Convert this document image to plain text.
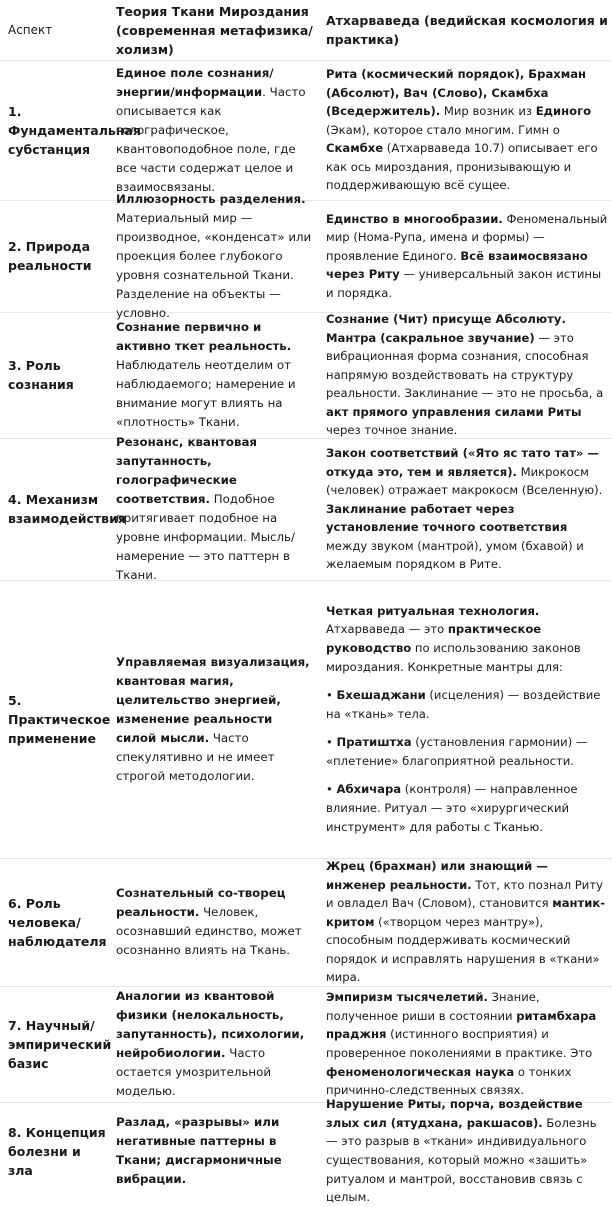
Аспект
Теория Ткани Мироздания (современная метафизика/холизм)
Атхарваведа (ведийская космология и практика)
1. Фундаментальная субстанция
Единое поле сознания/энергии/информации. Часто описывается как голографическое, квантовоподобное поле, где все части содержат целое и взаимосвязаны.
Рита (космический порядок), Брахман (Абсолют), Вач (Слово), Скамбха (Вседержитель). Мир возник из Единого (Экам), которое стало многим. Гимн о Скамбхе (Атхарваведа 10.7) описывает его как ось мироздания, пронизывающую и поддерживающую всё сущее.
2. Природа реальности
Иллюзорность разделения. Материальный мир — производное, «конденсат» или проекция более глубокого уровня сознательной Ткани. Разделение на объекты — условно.
Единство в многообразии. Феноменальный мир (Нома-Рупа, имена и формы) — проявление Единого. Всё взаимосвязано через Риту — универсальный закон истины и порядка.
3. Роль сознания
Сознание первично и активно ткет реальность. Наблюдатель неотделим от наблюдаемого; намерение и внимание могут влиять на «плотность» Ткани.
Сознание (Чит) присуще Абсолюту. Мантра (сакральное звучание) — это вибрационная форма сознания, способная напрямую воздействовать на структуру реальности. Заклинание — это не просьба, а акт прямого управления силами Риты через точное знание.
4. Механизм взаимодействия
Резонанс, квантовая запутанность, голографические соответствия. Подобное притягивает подобное на уровне информации. Мысль/намерение — это паттерн в Ткани.
Закон соответствий («Ято яс тато тат» — откуда это, тем и является). Микрокосм (человек) отражает макрокосм (Вселенную). Заклинание работает через установление точного соответствия между звуком (мантрой), умом (бхавой) и желаемым порядком в Рите.
5. Практическое применение
Управляемая визуализация, квантовая магия, целительство энергией, изменение реальности силой мысли. Часто спекулятивно и не имеет строгой методологии.
Четкая ритуальная технология. Атхарваведа — это практическое руководство по использованию законов мироздания. Конкретные мантры для:
• Бхешаджани (исцеления) — воздействие на «ткань» тела.
• Пратиштха (установления гармонии) — «плетение» благоприятной реальности.
• Абхичара (контроля) — направленное влияние. Ритуал — это «хирургический инструмент» для работы с Тканью.
6. Роль человека/наблюдателя
Сознательный со-творец реальности. Человек, осознавший единство, может осознанно влиять на Ткань.
Жрец (брахман) или знающий — инженер реальности. Тот, кто познал Риту и овладел Вач (Словом), становится мантик-критом («творцом через мантру»), способным поддерживать космический порядок и исправлять нарушения в «ткани» мира.
7. Научный/эмпирический базис
Аналогии из квантовой физики (нелокальность, запутанность), психологии, нейробиологии. Часто остается умозрительной моделью.
Эмпиризм тысячелетий. Знание, полученное риши в состоянии ритамбхара праджня (истинного восприятия) и проверенное поколениями в практике. Это феноменологическая наука о тонких причинно-следственных связях.
8. Концепция болезни и зла
Разлад, «разрывы» или негативные паттерны в Ткани; дисгармоничные вибрации.
Нарушение Риты, порча, воздействие злых сил (ятудхана, ракшасов). Болезнь — это разрыв в «ткани» индивидуального существования, который можно «зашить» ритуалом и мантрой, восстановив связь с целым.
